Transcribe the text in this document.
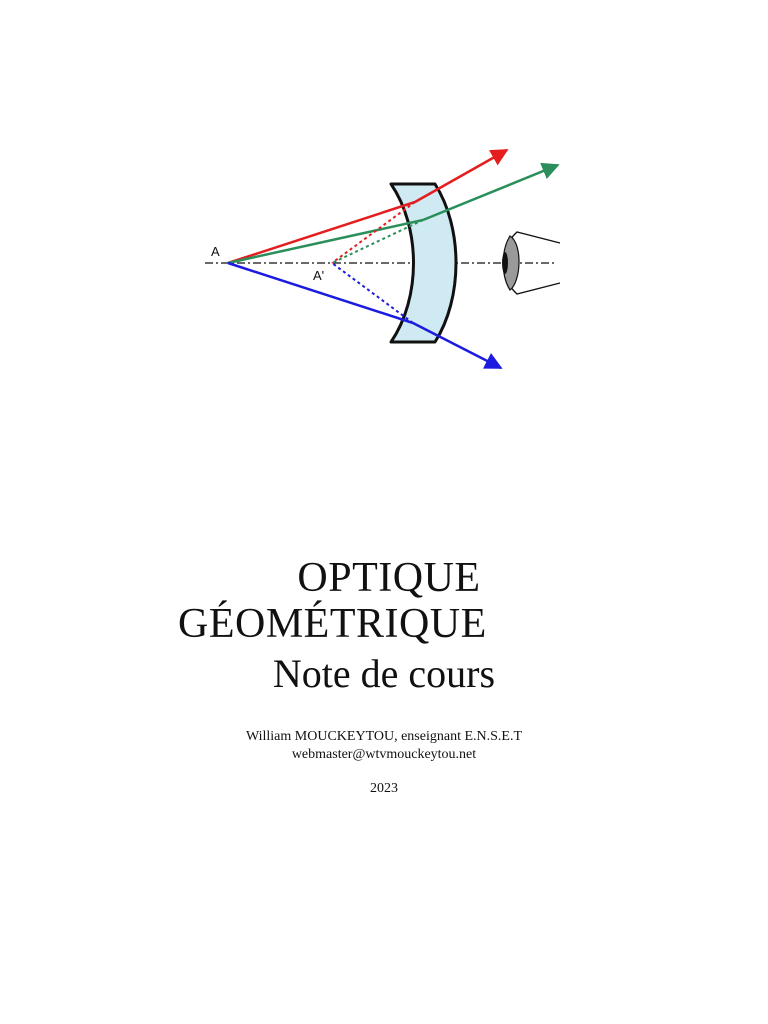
A
A'
OPTIQUE
GÉOMÉTRIQUE
Note de cours
William MOUCKEYTOU, enseignant E.N.S.E.T
webmaster@wtvmouckeytou.net
2023
